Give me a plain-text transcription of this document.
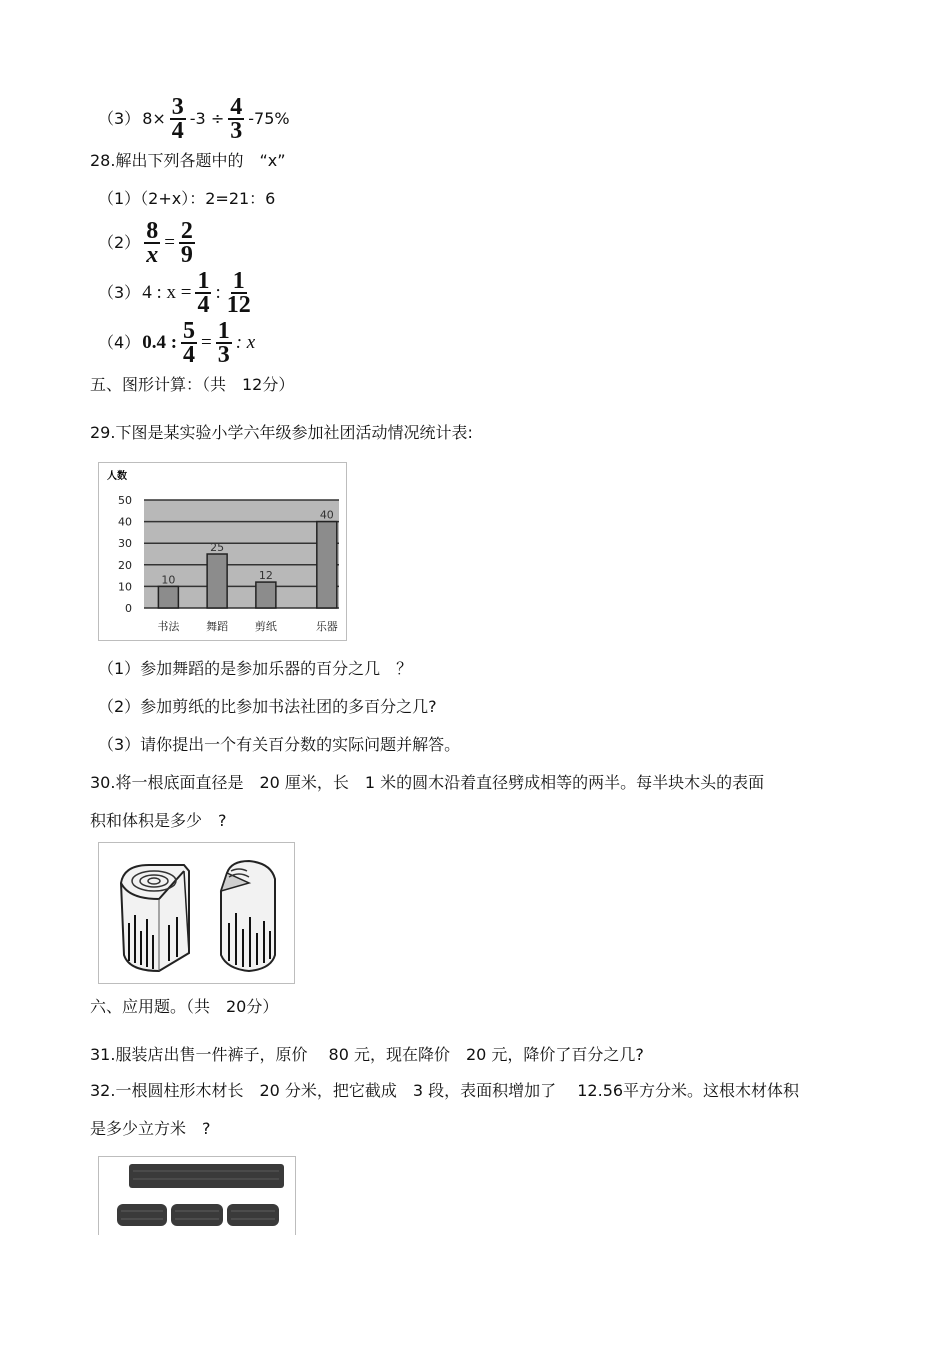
（3） $8\times \frac{3}{4} -3 \div \frac{4}{3} -75\%$
28.解出下列各题中的　“x”
（1）（2+x）：2=21：6
$(2) \frac{8}{x} = \frac{2}{9}$
（3） 4 : $x = \frac{1}{4}$ : $\frac{1}{12}$
（4） 0.4 : $\frac{5}{4} = \frac{1}{3}$ : x
五、图形计算：（共　12分）
29.下图是某实验小学六年级参加社团活动情况统计表:
人数
0
10
20
30
40
50
10
书法
25
舞蹈
12
剪纸
40
乐器
（1）参加舞蹈的是参加乐器的百分之几　？
（2）参加剪纸的比参加书法社团的多百分之几?
（3）请你提出一个有关百分数的实际问题并解答。
30.将一根底面直径是　20 厘米，长　1 米的圆木沿着直径劈成相等的两半。每半块木头的表面
积和体积是多少　?
六、应用题。（共　20分）
31.服装店出售一件裤子，原价　 80 元，现在降价　20 元，降价了百分之几?
32.一根圆柱形木材长　20 分米，把它截成　3 段，表面积增加了　 12.56平方分米。这根木材体积
是多少立方米　?
